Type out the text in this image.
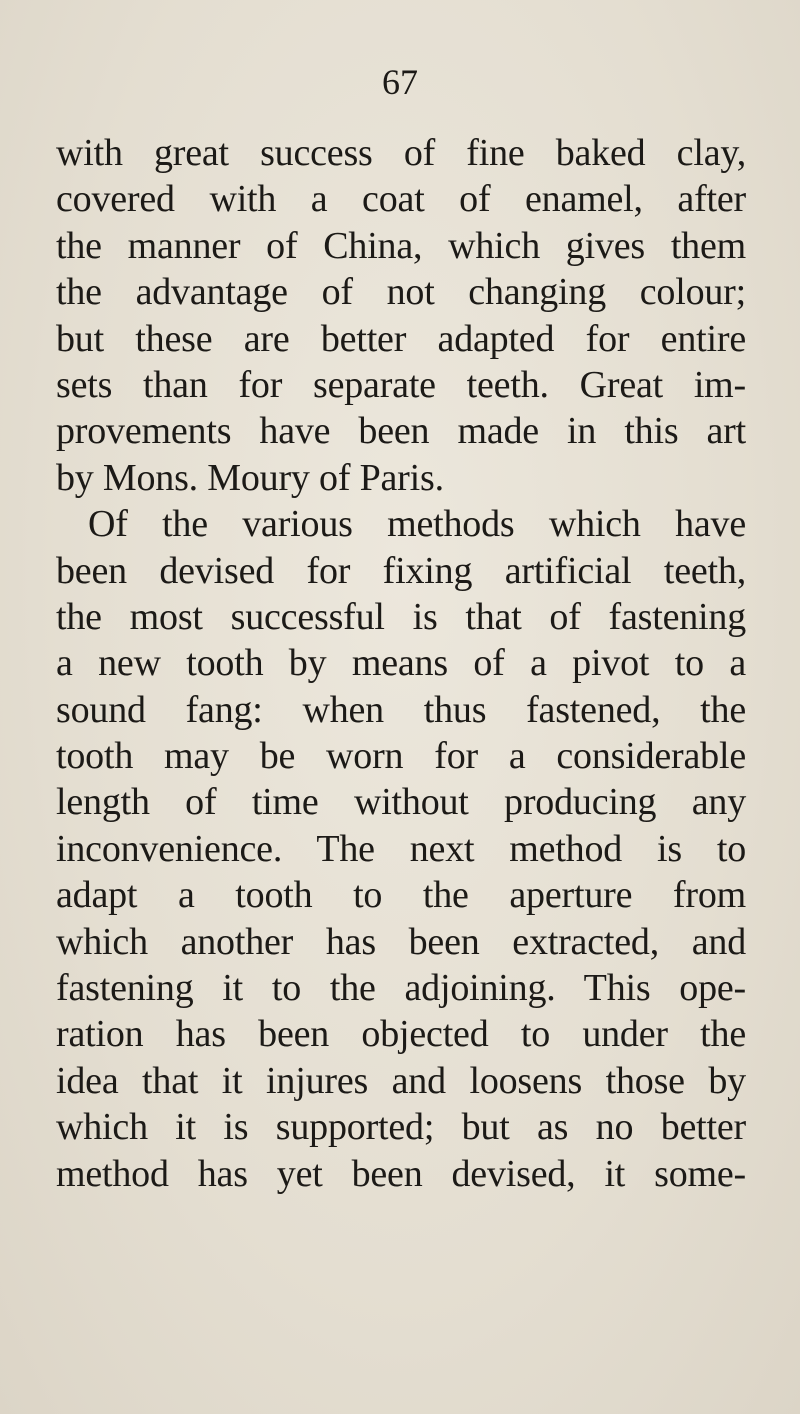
67
with great success of fine baked clay,
covered with a coat of enamel, after
the manner of China, which gives them
the advantage of not changing colour;
but these are better adapted for entire
sets than for separate teeth. Great im-
provements have been made in this art
by Mons. Moury of Paris.
Of the various methods which have
been devised for fixing artificial teeth,
the most successful is that of fastening
a new tooth by means of a pivot to a
sound fang: when thus fastened, the
tooth may be worn for a considerable
length of time without producing any
inconvenience. The next method is to
adapt a tooth to the aperture from
which another has been extracted, and
fastening it to the adjoining. This ope-
ration has been objected to under the
idea that it injures and loosens those by
which it is supported; but as no better
method has yet been devised, it some-
